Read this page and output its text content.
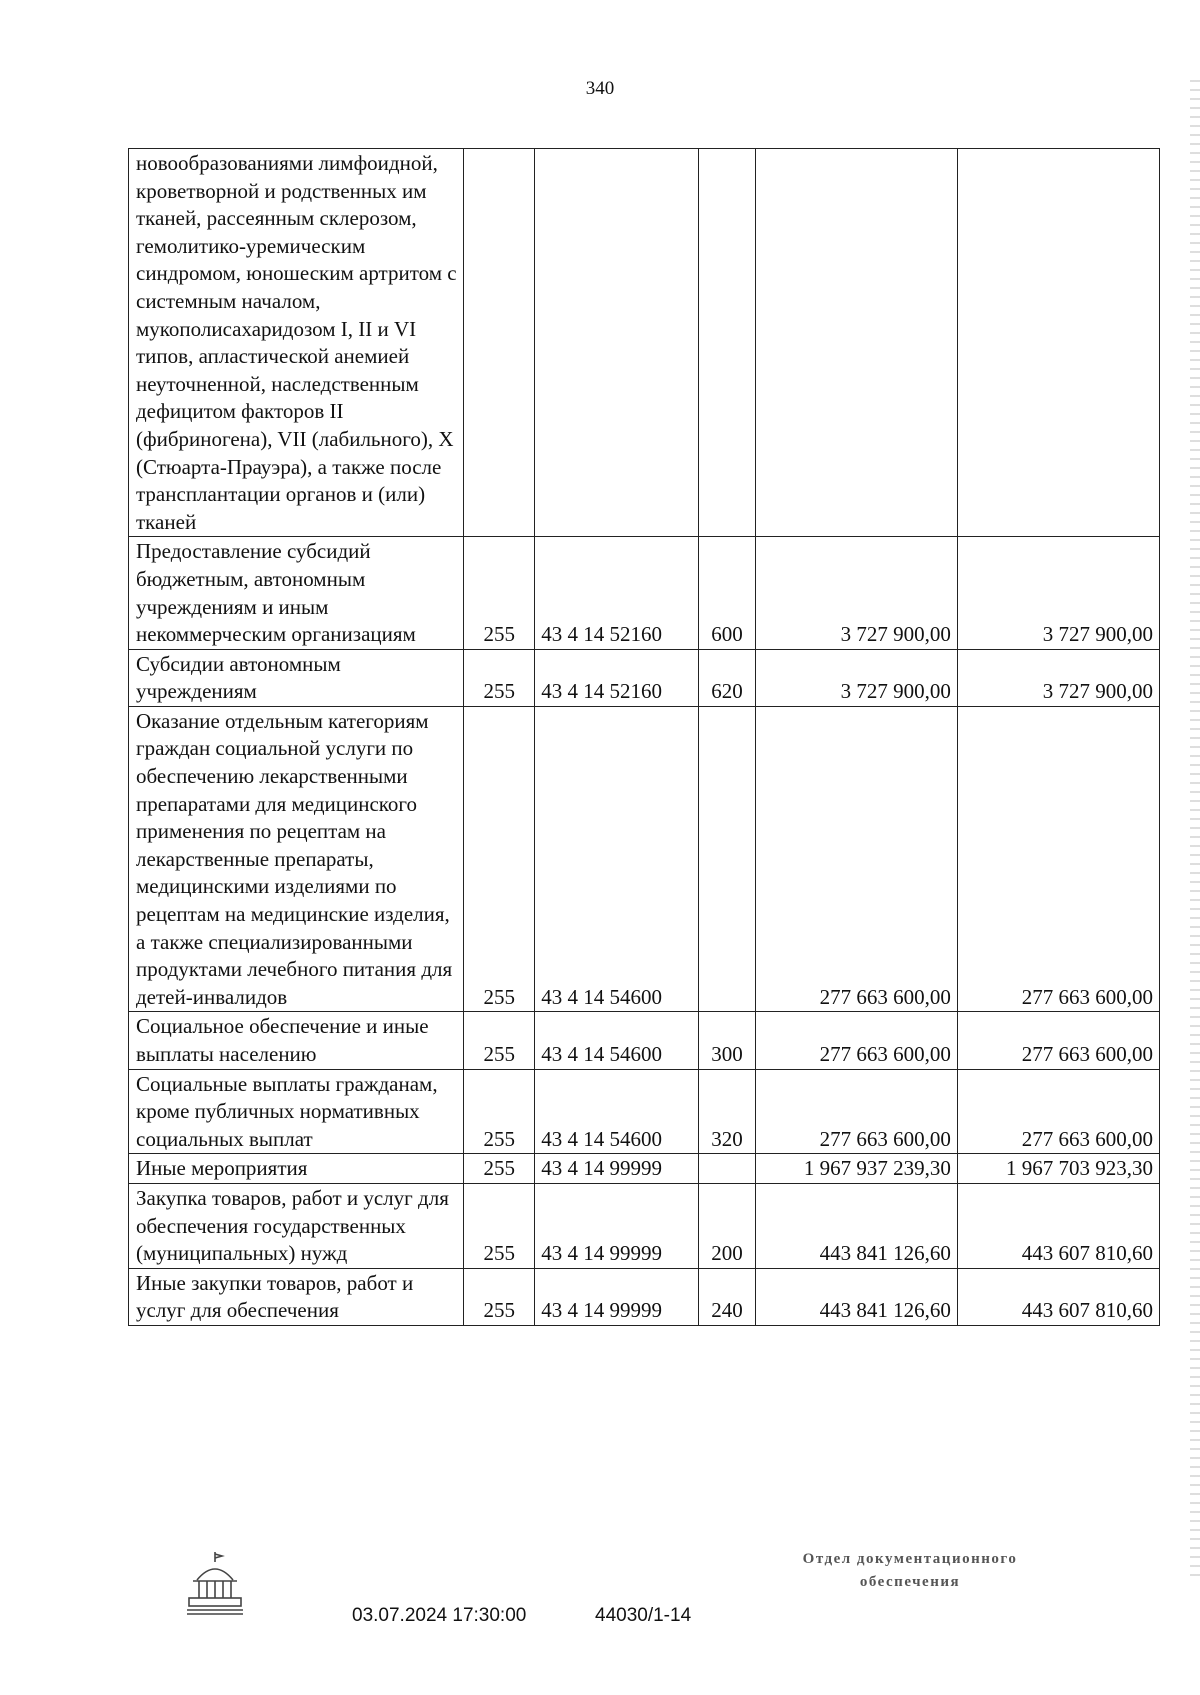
340
новообразованиями лимфоидной, кроветворной и родственных им тканей, рассеянным склерозом, гемолитико-уремическим синдромом, юношеским артритом с системным началом, мукополисахаридозом I, II и VI типов, апластической анемией неуточненной, наследственным дефицитом факторов II (фибриногена), VII (лабильного), X (Стюарта-Прауэра), а также после трансплантации органов и (или) тканей					
Предоставление субсидий бюджетным, автономным учреждениям и иным некоммерческим организациям	255	43 4 14 52160	600	3 727 900,00	3 727 900,00
Субсидии автономным учреждениям	255	43 4 14 52160	620	3 727 900,00	3 727 900,00
Оказание отдельным категориям граждан социальной услуги по обеспечению лекарственными препаратами для медицинского применения по рецептам на лекарственные препараты, медицинскими изделиями по рецептам на медицинские изделия, а также специализированными продуктами лечебного питания для детей-инвалидов	255	43 4 14 54600		277 663 600,00	277 663 600,00
Социальное обеспечение и иные выплаты населению	255	43 4 14 54600	300	277 663 600,00	277 663 600,00
Социальные выплаты гражданам, кроме публичных нормативных социальных выплат	255	43 4 14 54600	320	277 663 600,00	277 663 600,00
Иные мероприятия	255	43 4 14 99999		1 967 937 239,30	1 967 703 923,30
Закупка товаров, работ и услуг для обеспечения государственных (муниципальных) нужд	255	43 4 14 99999	200	443 841 126,60	443 607 810,60
Иные закупки товаров, работ и услуг для обеспечения	255	43 4 14 99999	240	443 841 126,60	443 607 810,60
03.07.2024 17:30:00	44030/1-14
Отдел документационного
обеспечения
